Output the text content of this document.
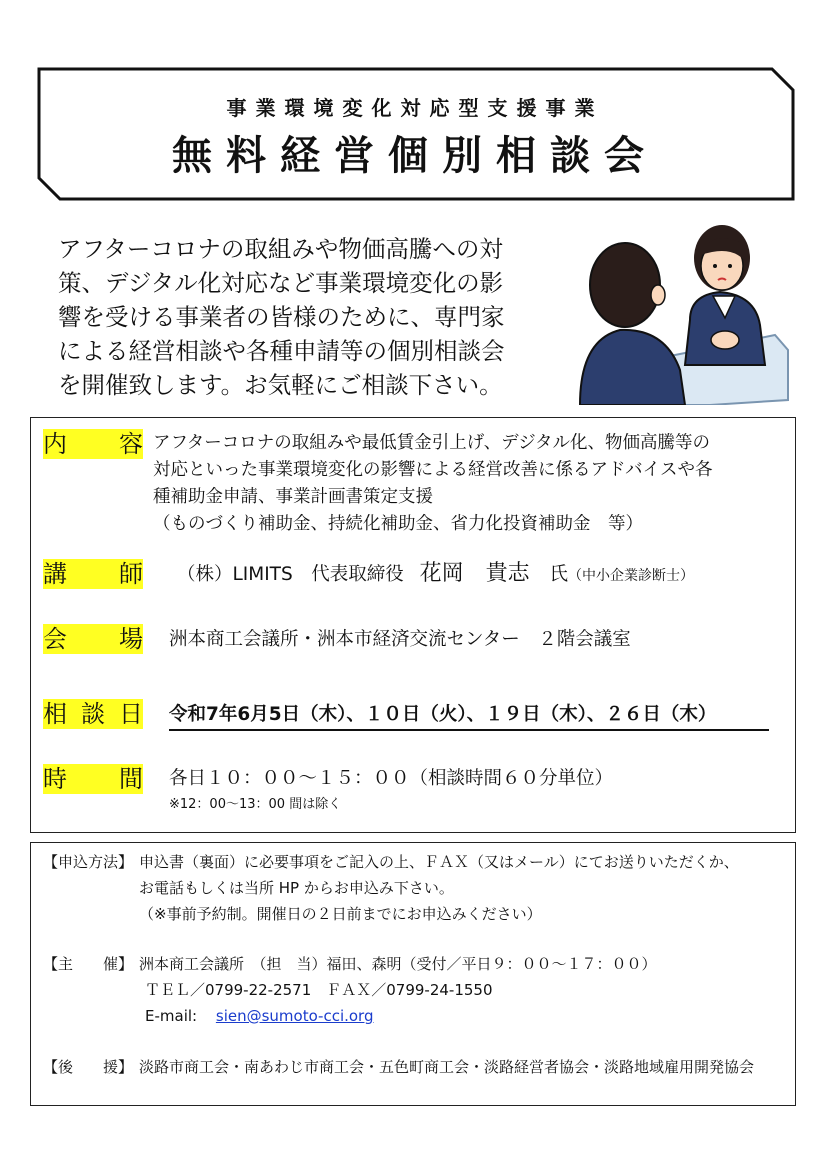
事業環境変化対応型支援事業
無料経営個別相談会
アフターコロナの取組みや物価高騰への対
策、デジタル化対応など事業環境変化の影
響を受ける事業者の皆様のために、専門家
による経営相談や各種申請等の個別相談会
を開催致します。お気軽にご相談下さい。
内 容 アフターコロナの取組みや最低賃金引上げ、デジタル化、物価高騰等の
対応といった事業環境変化の影響による経営改善に係るアドバイスや各
種補助金申請、事業計画書策定支援
（ものづくり補助金、持続化補助金、省力化投資補助金　等）
講 師 （株）LIMITS　代表取締役 花岡　貴志 氏（中小企業診断士）
会 場 洲本商工会議所・洲本市経済交流センター　２階会議室
相 談 日 令和7年6月5日（木）、１０日（火）、１９日（木）、２６日（木）
時 間 各日１０：００～１５：００（相談時間６０分単位）
※12：00～13：00 間は除く
【申込方法】 申込書（裏面）に必要事項をご記入の上、ＦＡＸ（又はメール）にてお送りいただくか、
お電話もしくは当所 HP からお申込み下さい。
（※事前予約制。開催日の２日前までにお申込みください）
【主　　催】 洲本商工会議所　（担　当）福田、森明（受付／平日９：００～１７：００）
ＴＥＬ／0799-22-2571　ＦＡＸ／0799-24-1550
E-mail: sien@sumoto-cci.org
【後　　援】 淡路市商工会・南あわじ市商工会・五色町商工会・淡路経営者協会・淡路地域雇用開発協会
